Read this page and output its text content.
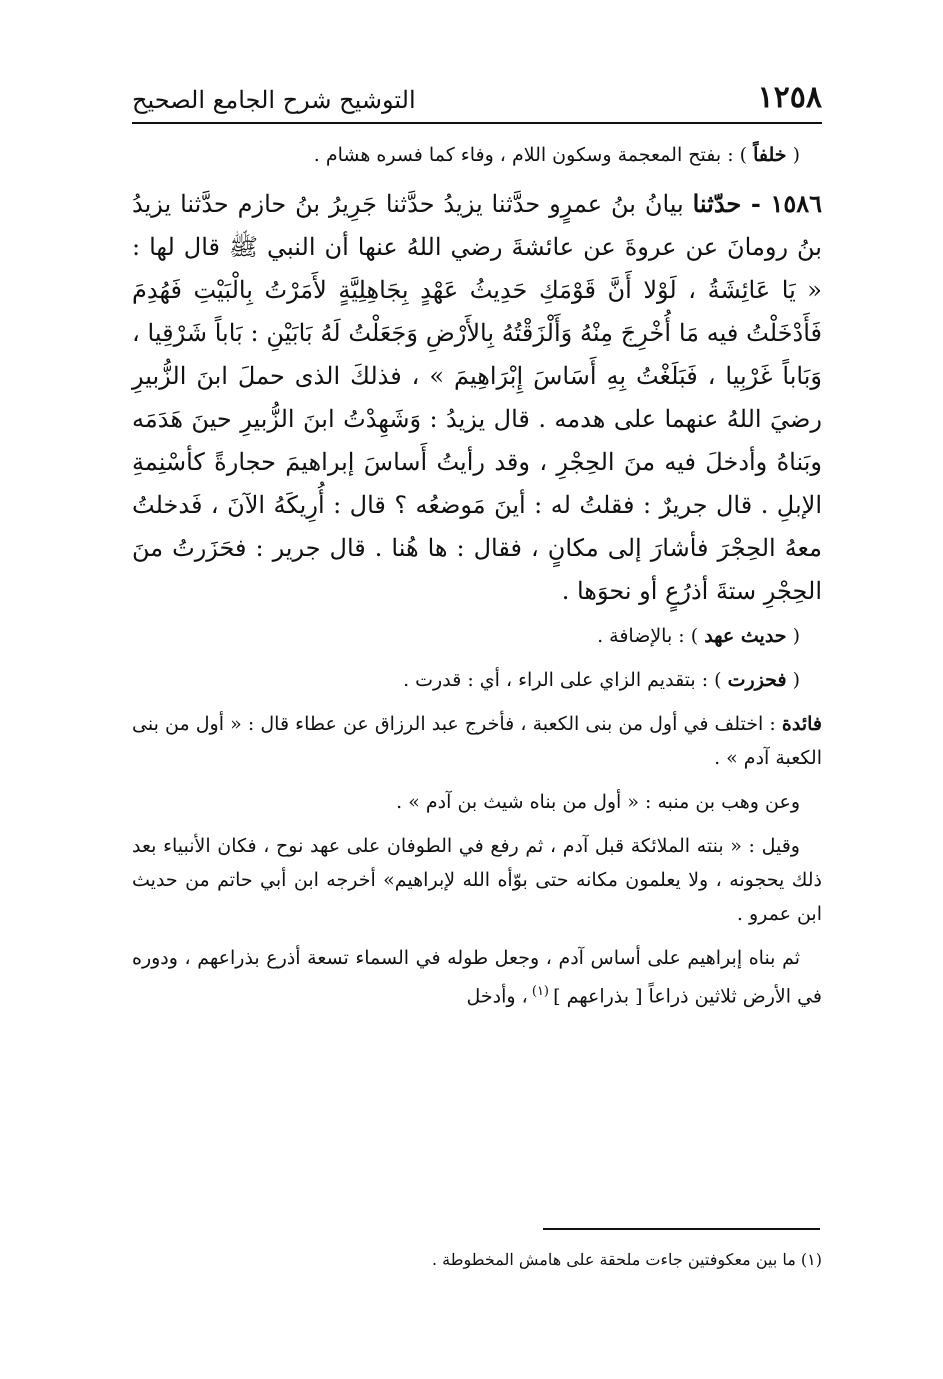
١٢٥٨
التوشيح شرح الجامع الصحيح

( خلفاً ) : بفتح المعجمة وسكون اللام ، وفاء كما فسره هشام .

١٥٨٦ - حدّثنا بيانُ بنُ عمرٍو حدَّثنا يزيدُ حدَّثنا جَرِيرُ بنُ حازم حدَّثنا يزيدُ بنُ رومانَ عن عروةَ عن عائشةَ رضي اللهُ عنها أن النبي ﷺ قال لها : « يَا عَائِشَةُ ، لَوْلا أَنَّ قَوْمَكِ حَدِيثُ عَهْدٍ بِجَاهِلِيَّةٍ لأَمَرْتُ بِالْبَيْتِ فَهُدِمَ فَأَدْخَلْتُ فيه مَا أُخْرِجَ مِنْهُ وَأَلْزَقْتُهُ بِالأَرْضِ وَجَعَلْتُ لَهُ بَابَيْنِ : بَاباً شَرْقِيا ، وَبَاباً غَرْبِيا ، فَبَلَغْتُ بِهِ أَسَاسَ إِبْرَاهِيمَ » ، فذلكَ الذى حملَ ابنَ الزُّبيرِ رضيَ اللهُ عنهما على هدمه . قال يزيدُ : وَشَهِدْتُ ابنَ الزُّبيرِ حينَ هَدَمَه وبَناهُ وأدخلَ فيه منَ الحِجْرِ ، وقد رأيتُ أَساسَ إبراهيمَ حجارةً كأسْنِمةِ الإبلِ . قال جريرٌ : فقلتُ له : أينَ مَوضعُه ؟ قال : أُرِيكَهُ الآنَ ، فَدخلتُ معهُ الحِجْرَ فأشارَ إلى مكانٍ ، فقال : ها هُنا . قال جرير : فحَزَرتُ منَ الحِجْرِ ستةَ أذرُعٍ أو نحوَها .

( حديث عهد ) : بالإضافة .

( فحزرت ) : بتقديم الزاي على الراء ، أي : قدرت .

فائدة : اختلف في أول من بنى الكعبة ، فأخرج عبد الرزاق عن عطاء قال : « أول من بنى الكعبة آدم » .

وعن وهب بن منبه : « أول من بناه شيث بن آدم » .

وقيل : « بنته الملائكة قبل آدم ، ثم رفع في الطوفان على عهد نوح ، فكان الأنبياء بعد ذلك يحجونه ، ولا يعلمون مكانه حتى بوّأه الله لإبراهيم» أخرجه ابن أبي حاتم من حديث ابن عمرو .

ثم بناه إبراهيم على أساس آدم ، وجعل طوله في السماء تسعة أذرع بذراعهم ، ودوره في الأرض ثلاثين ذراعاً [ بذراعهم ] $^{(١)}$ ، وأدخل

(١) ما بين معكوفتين جاءت ملحقة على هامش المخطوطة .
